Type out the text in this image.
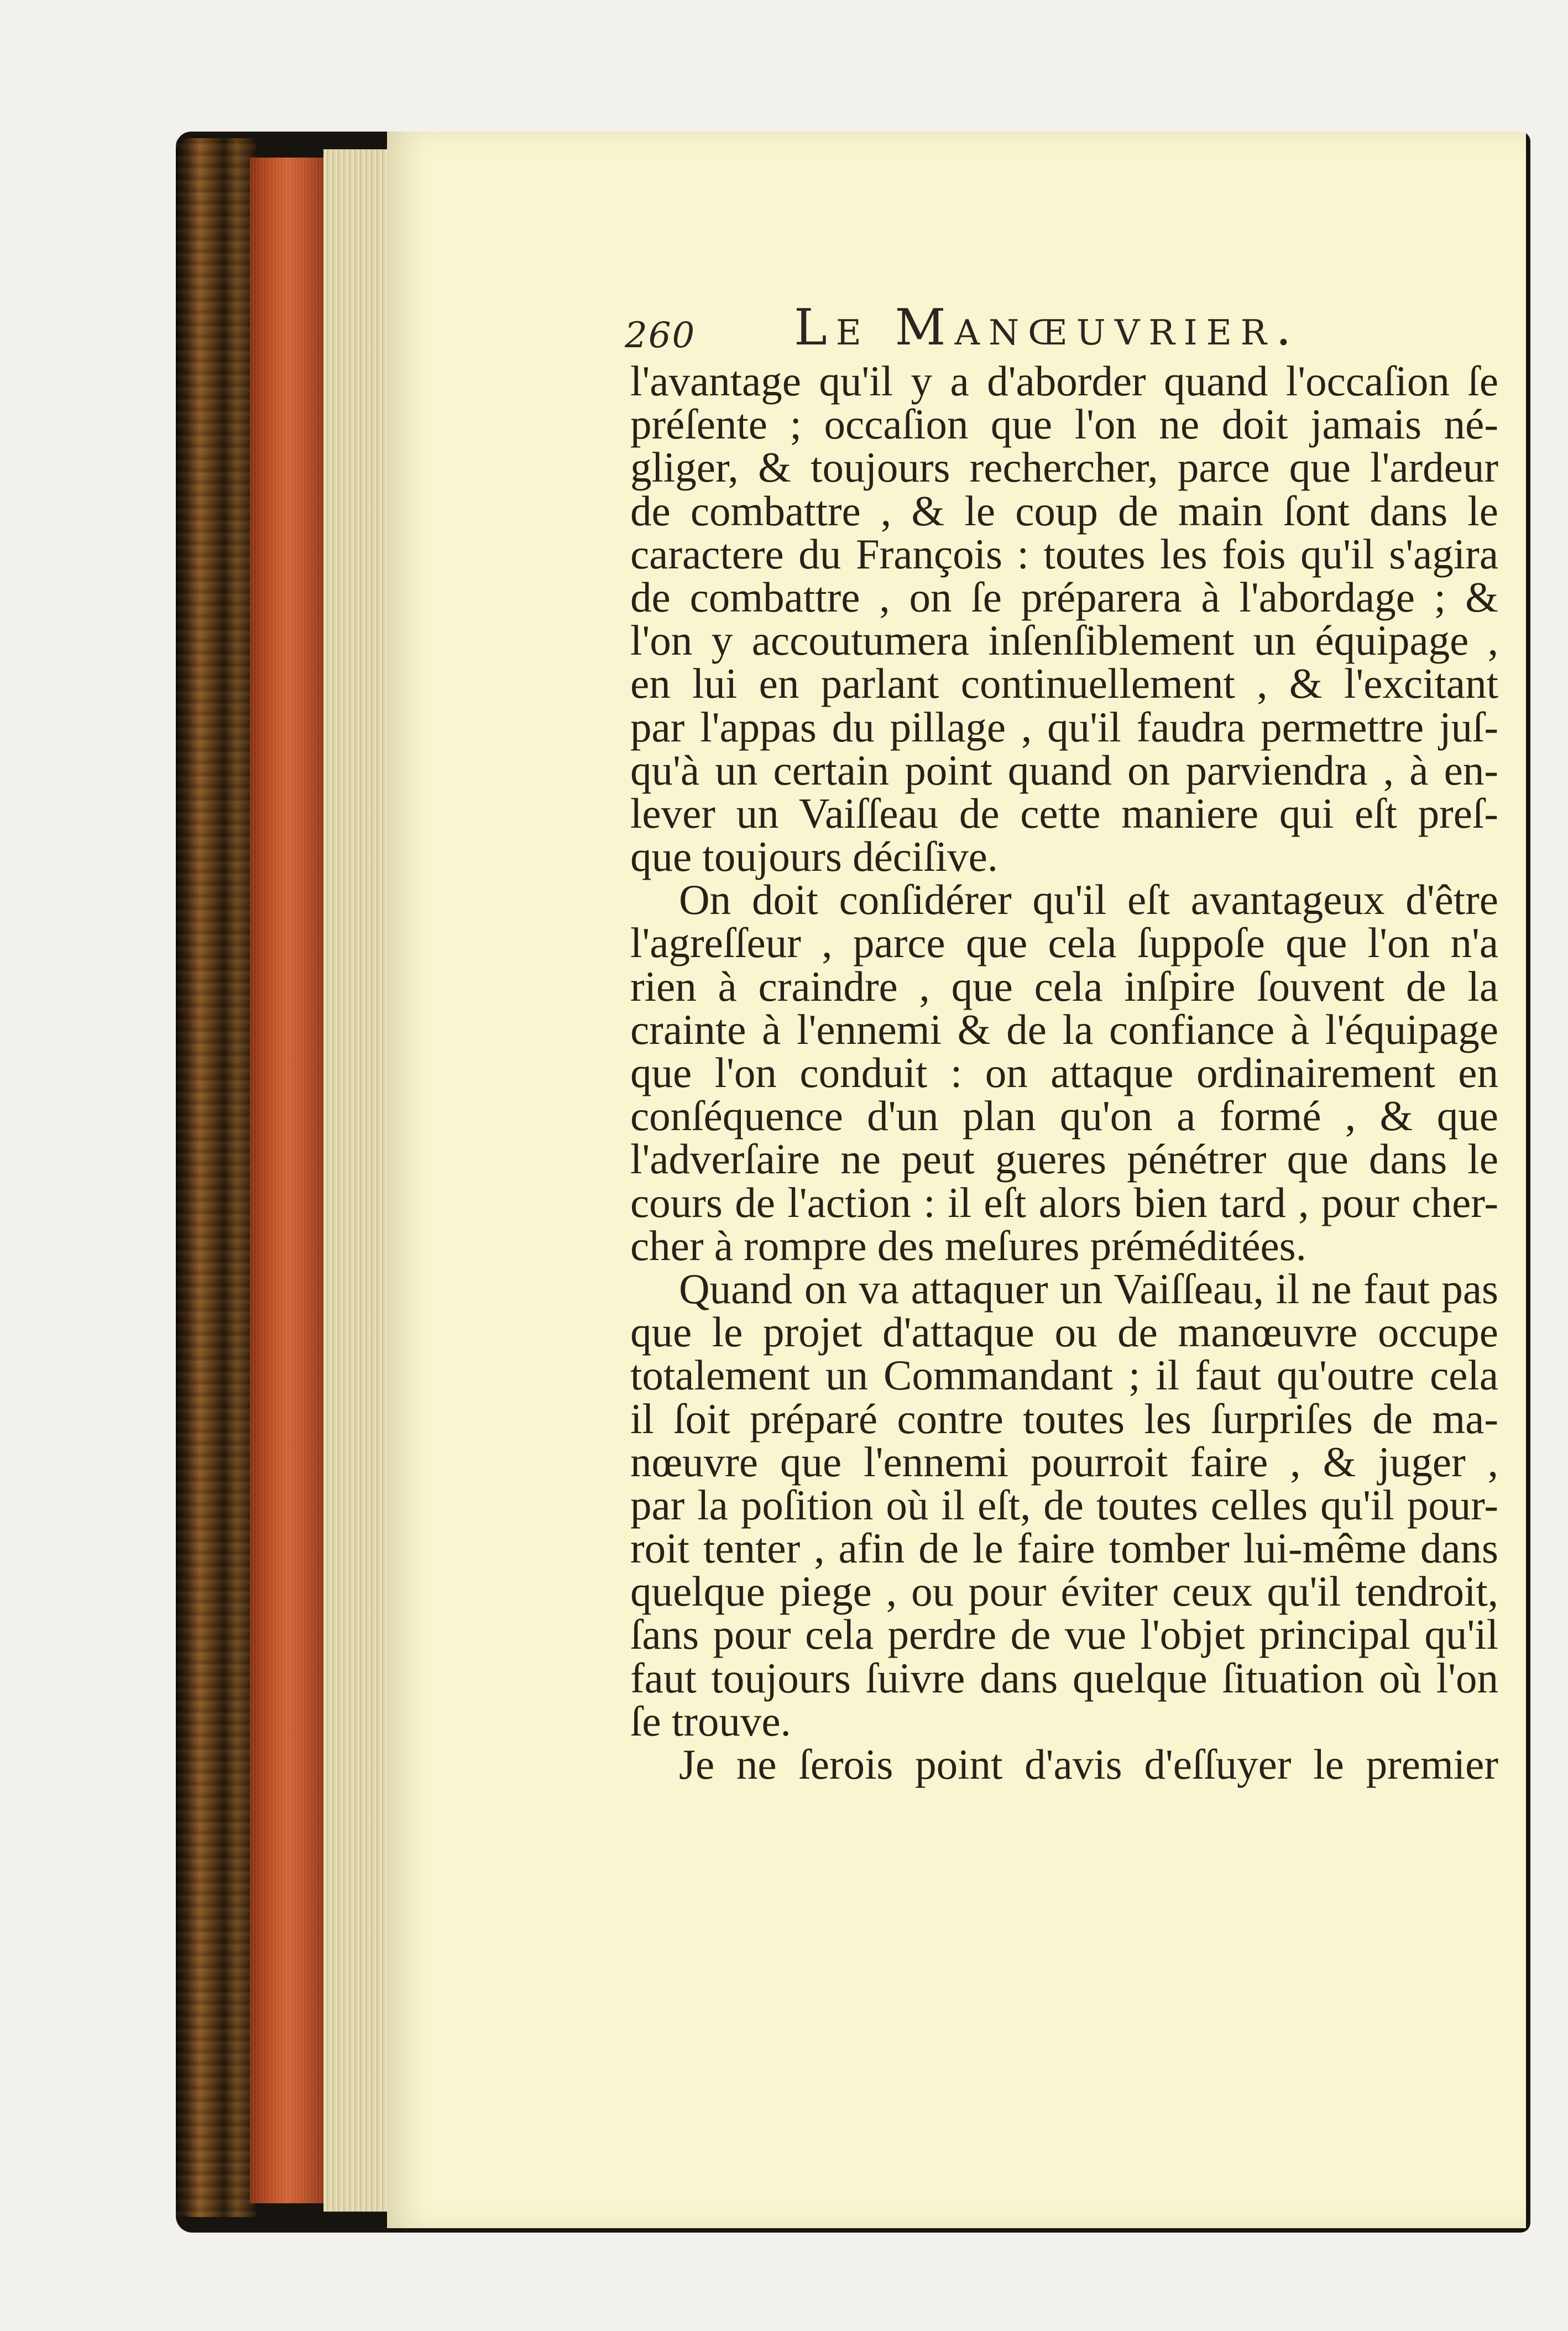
260 Le Manœuvrier.
l'avantage qu'il y a d'aborder quand l'occaſion ſe
préſente ; occaſion que l'on ne doit jamais né-
gliger, & toujours rechercher, parce que l'ardeur
de combattre , & le coup de main ſont dans le
caractere du François : toutes les fois qu'il s'agira
de combattre , on ſe préparera à l'abordage ; &
l'on y accoutumera inſenſiblement un équipage ,
en lui en parlant continuellement , & l'excitant
par l'appas du pillage , qu'il faudra permettre juſ-
qu'à un certain point quand on parviendra , à en-
lever un Vaiſſeau de cette maniere qui eſt preſ-
que toujours déciſive.
On doit conſidérer qu'il eſt avantageux d'être
l'agreſſeur , parce que cela ſuppoſe que l'on n'a
rien à craindre , que cela inſpire ſouvent de la
crainte à l'ennemi & de la confiance à l'équipage
que l'on conduit : on attaque ordinairement en
conſéquence d'un plan qu'on a formé , & que
l'adverſaire ne peut gueres pénétrer que dans le
cours de l'action : il eſt alors bien tard , pour cher-
cher à rompre des meſures préméditées.
Quand on va attaquer un Vaiſſeau, il ne faut pas
que le projet d'attaque ou de manœuvre occupe
totalement un Commandant ; il faut qu'outre cela
il ſoit préparé contre toutes les ſurpriſes de ma-
nœuvre que l'ennemi pourroit faire , & juger ,
par la poſition où il eſt, de toutes celles qu'il pour-
roit tenter , afin de le faire tomber lui-même dans
quelque piege , ou pour éviter ceux qu'il tendroit,
ſans pour cela perdre de vue l'objet principal qu'il
faut toujours ſuivre dans quelque ſituation où l'on
ſe trouve.
Je ne ſerois point d'avis d'eſſuyer le premier
